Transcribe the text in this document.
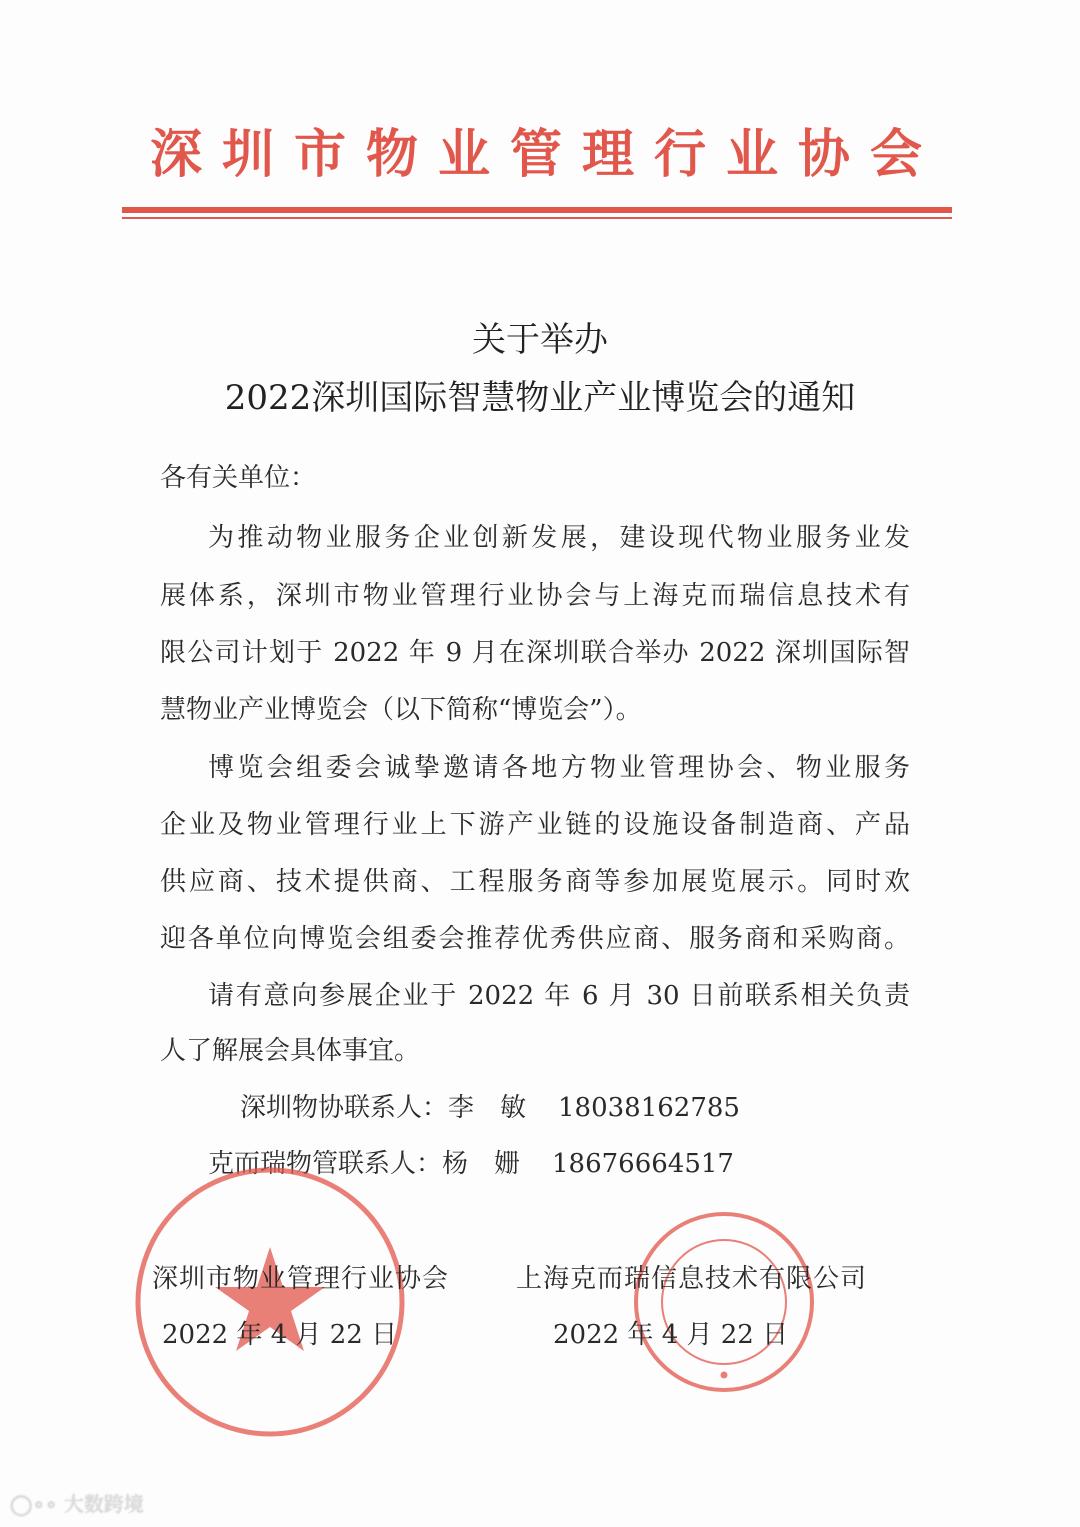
深圳市物业管理行业协会
关于举办
2022深圳国际智慧物业产业博览会的通知
各有关单位：
为推动物业服务企业创新发展，建设现代物业服务业发
展体系，深圳市物业管理行业协会与上海克而瑞信息技术有
限公司计划于 2022 年 9 月在深圳联合举办 2022 深圳国际智
慧物业产业博览会（以下简称“博览会”）。
博览会组委会诚挚邀请各地方物业管理协会、物业服务
企业及物业管理行业上下游产业链的设施设备制造商、产品
供应商、技术提供商、工程服务商等参加展览展示。同时欢
迎各单位向博览会组委会推荐优秀供应商、服务商和采购商。
请有意向参展企业于 2022 年 6 月 30 日前联系相关负责
人了解展会具体事宜。
深圳物协联系人：李　敏 18038162785
克而瑞物管联系人：杨　姗 18676664517
深圳市物业管理行业协会
2022 年 4 月 22 日
上海克而瑞信息技术有限公司
2022 年 4 月 22 日
◯∘∘ 大数跨境
